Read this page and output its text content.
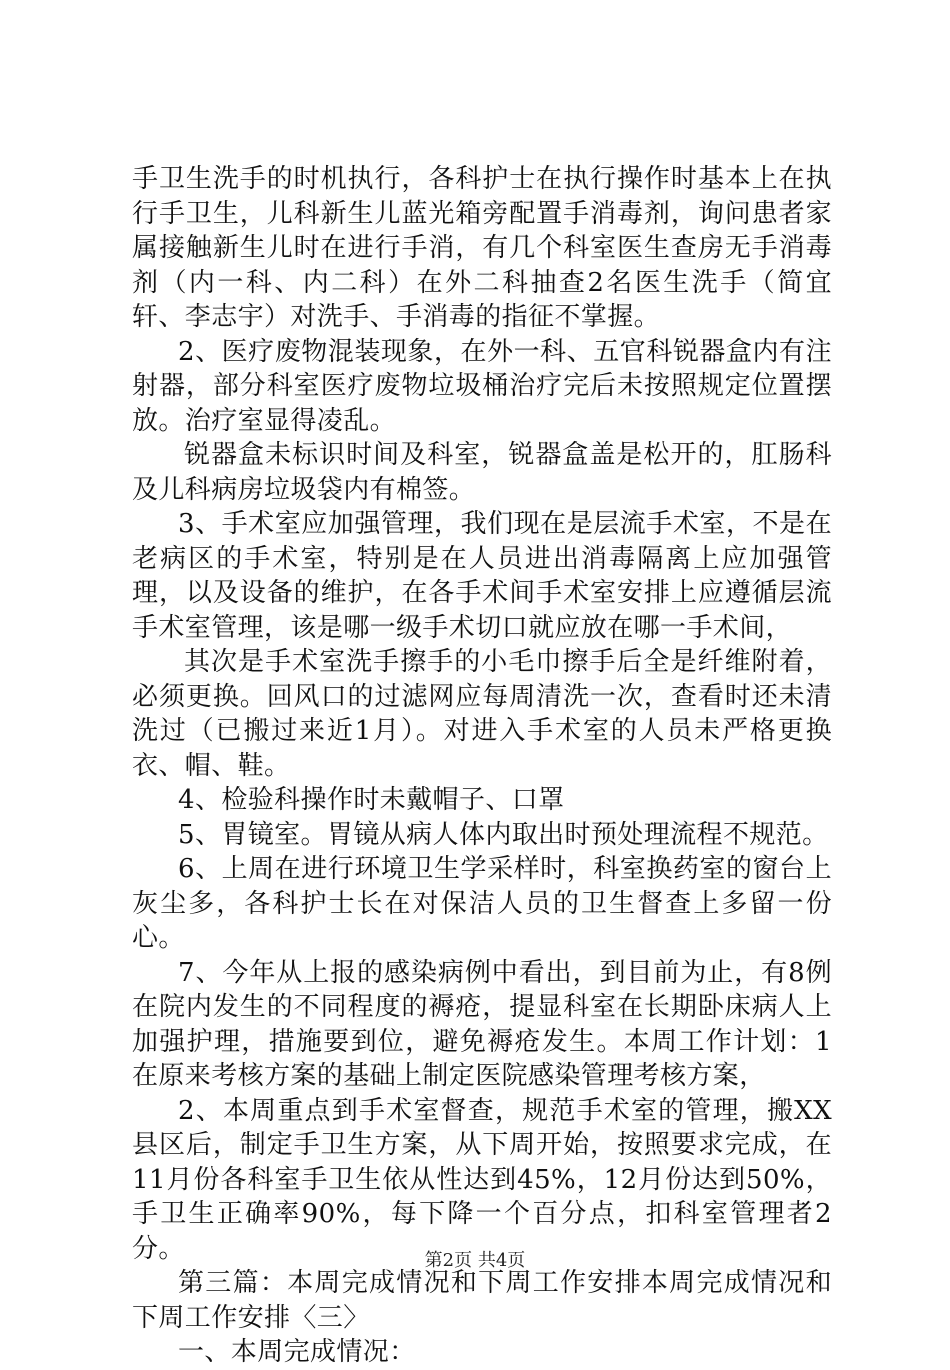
手卫生洗手的时机执行，各科护士在执行操作时基本上在执行手卫生，儿科新生儿蓝光箱旁配置手消毒剂，询问患者家属接触新生儿时在进行手消，有几个科室医生查房无手消毒剂（内一科、内二科）在外二科抽查2名医生洗手（简宜轩、李志宇）对洗手、手消毒的指征不掌握。

2、医疗废物混装现象，在外一科、五官科锐器盒内有注射器，部分科室医疗废物垃圾桶治疗完后未按照规定位置摆放。治疗室显得凌乱。

锐器盒未标识时间及科室，锐器盒盖是松开的，肛肠科及儿科病房垃圾袋内有棉签。

3、手术室应加强管理，我们现在是层流手术室，不是在老病区的手术室，特别是在人员进出消毒隔离上应加强管理，以及设备的维护，在各手术间手术室安排上应遵循层流手术室管理，该是哪一级手术切口就应放在哪一手术间，

其次是手术室洗手擦手的小毛巾擦手后全是纤维附着，必须更换。回风口的过滤网应每周清洗一次，查看时还未清洗过（已搬过来近1月）。对进入手术室的人员未严格更换衣、帽、鞋。

4、检验科操作时未戴帽子、口罩

5、胃镜室。胃镜从病人体内取出时预处理流程不规范。

6、上周在进行环境卫生学采样时，科室换药室的窗台上灰尘多，各科护士长在对保洁人员的卫生督查上多留一份心。

7、今年从上报的感染病例中看出，到目前为止，有8例在院内发生的不同程度的褥疮，提显科室在长期卧床病人上加强护理，措施要到位，避免褥疮发生。本周工作计划：1在原来考核方案的基础上制定医院感染管理考核方案，

2、本周重点到手术室督查，规范手术室的管理，搬XX县区后，制定手卫生方案，从下周开始，按照要求完成，在11月份各科室手卫生依从性达到45%，12月份达到50%，手卫生正确率90%，每下降一个百分点，扣科室管理者2分。

第三篇：本周完成情况和下周工作安排本周完成情况和下周工作安排〈三〉

一、本周完成情况：

第2页 共4页
